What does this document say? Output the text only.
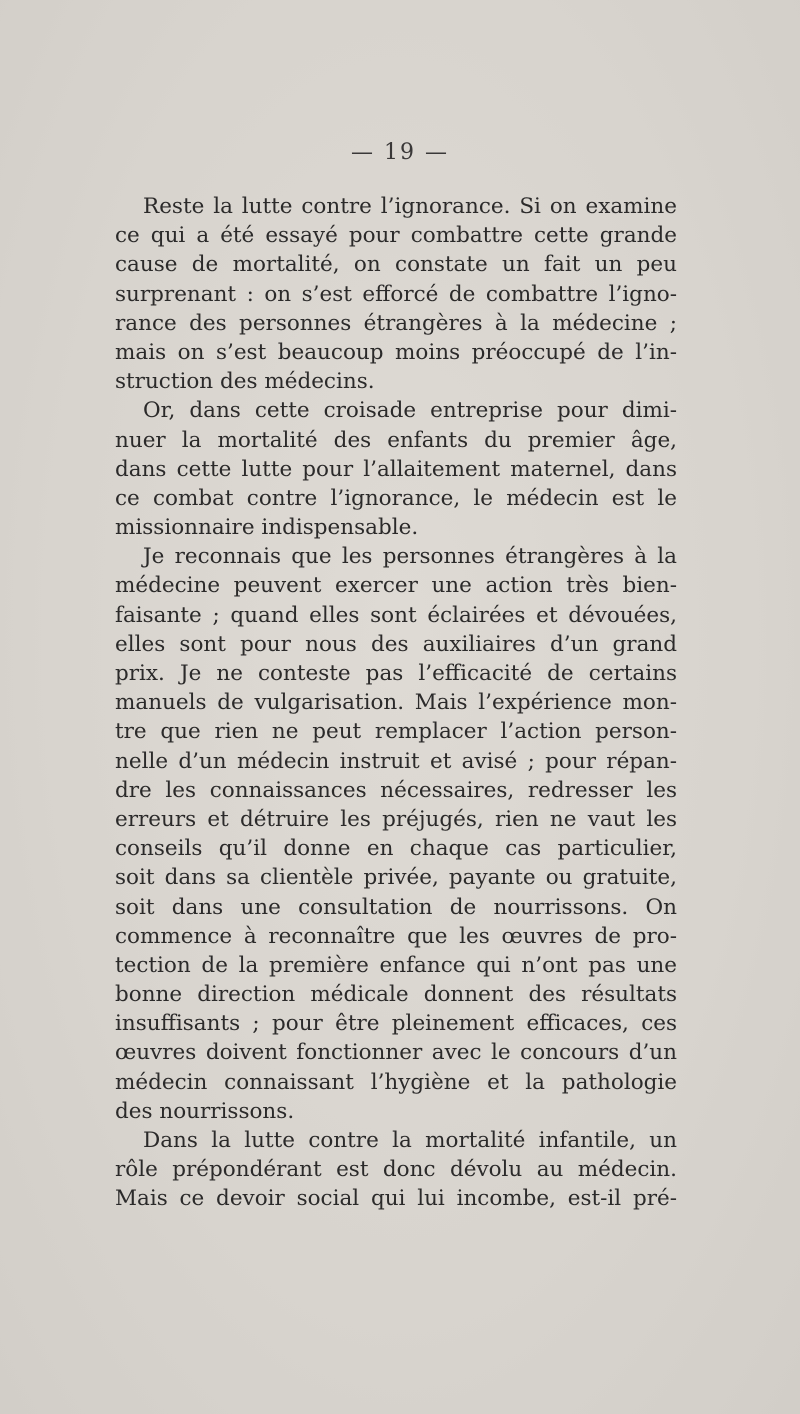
— 19 —
Reste la lutte contre l’ignorance. Si on examine
ce qui a été essayé pour combattre cette grande
cause de mortalité, on constate un fait un peu
surprenant : on s’est efforcé de combattre l’igno-
rance des personnes étrangères à la médecine ;
mais on s’est beaucoup moins préoccupé de l’in-
struction des médecins.
Or, dans cette croisade entreprise pour dimi-
nuer la mortalité des enfants du premier âge,
dans cette lutte pour l’allaitement maternel, dans
ce combat contre l’ignorance, le médecin est le
missionnaire indispensable.
Je reconnais que les personnes étrangères à la
médecine peuvent exercer une action très bien-
faisante ; quand elles sont éclairées et dévouées,
elles sont pour nous des auxiliaires d’un grand
prix. Je ne conteste pas l’efficacité de certains
manuels de vulgarisation. Mais l’expérience mon-
tre que rien ne peut remplacer l’action person-
nelle d’un médecin instruit et avisé ; pour répan-
dre les connaissances nécessaires, redresser les
erreurs et détruire les préjugés, rien ne vaut les
conseils qu’il donne en chaque cas particulier,
soit dans sa clientèle privée, payante ou gratuite,
soit dans une consultation de nourrissons. On
commence à reconnaître que les œuvres de pro-
tection de la première enfance qui n’ont pas une
bonne direction médicale donnent des résultats
insuffisants ; pour être pleinement efficaces, ces
œuvres doivent fonctionner avec le concours d’un
médecin connaissant l’hygiène et la pathologie
des nourrissons.
Dans la lutte contre la mortalité infantile, un
rôle prépondérant est donc dévolu au médecin.
Mais ce devoir social qui lui incombe, est-il pré-
